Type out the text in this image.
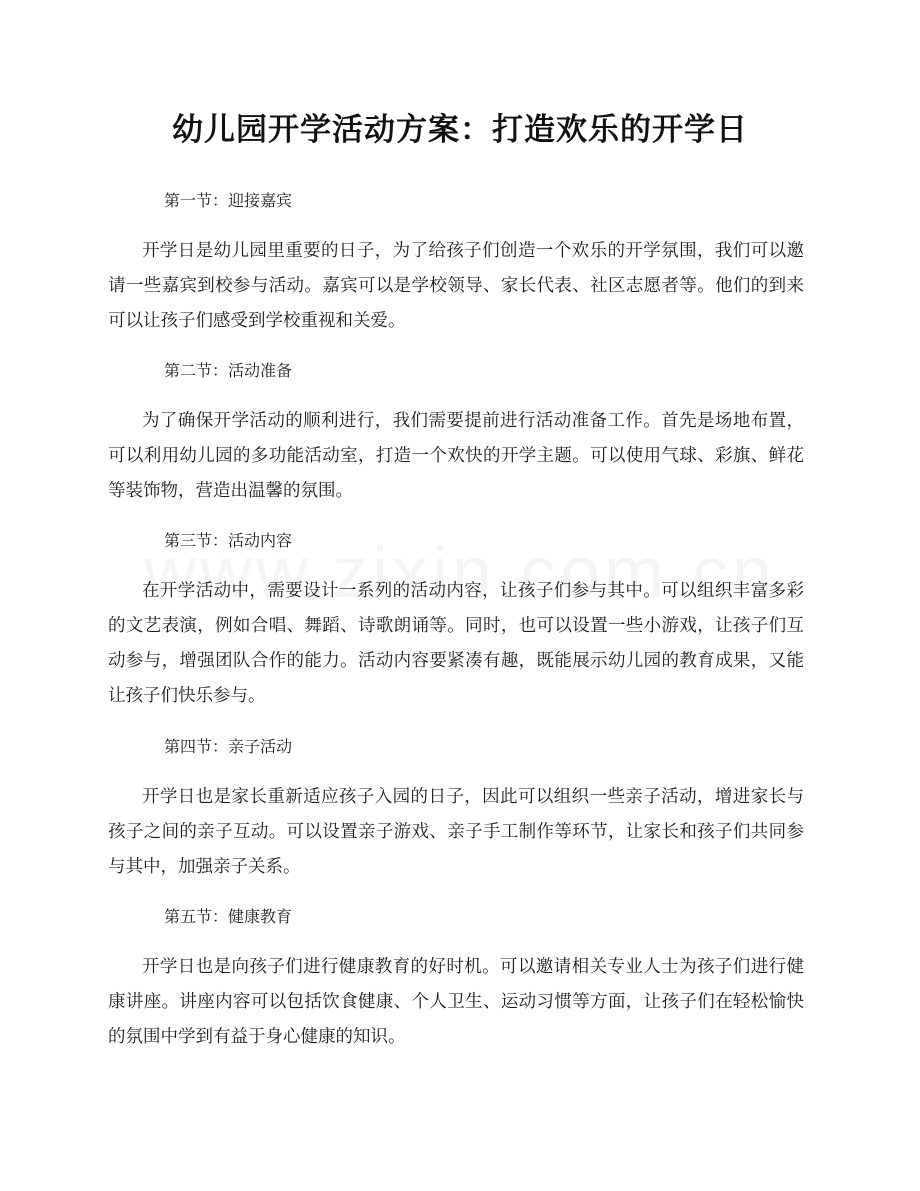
幼儿园开学活动方案：打造欢乐的开学日
第一节：迎接嘉宾
开学日是幼儿园里重要的日子，为了给孩子们创造一个欢乐的开学氛围，我们可以邀请一些嘉宾到校参与活动。嘉宾可以是学校领导、家长代表、社区志愿者等。他们的到来可以让孩子们感受到学校重视和关爱。
第二节：活动准备
为了确保开学活动的顺利进行，我们需要提前进行活动准备工作。首先是场地布置，可以利用幼儿园的多功能活动室，打造一个欢快的开学主题。可以使用气球、彩旗、鲜花等装饰物，营造出温馨的氛围。
第三节：活动内容
在开学活动中，需要设计一系列的活动内容，让孩子们参与其中。可以组织丰富多彩的文艺表演，例如合唱、舞蹈、诗歌朗诵等。同时，也可以设置一些小游戏，让孩子们互动参与，增强团队合作的能力。活动内容要紧凑有趣，既能展示幼儿园的教育成果，又能让孩子们快乐参与。
第四节：亲子活动
开学日也是家长重新适应孩子入园的日子，因此可以组织一些亲子活动，增进家长与孩子之间的亲子互动。可以设置亲子游戏、亲子手工制作等环节，让家长和孩子们共同参与其中，加强亲子关系。
第五节：健康教育
开学日也是向孩子们进行健康教育的好时机。可以邀请相关专业人士为孩子们进行健康讲座。讲座内容可以包括饮食健康、个人卫生、运动习惯等方面，让孩子们在轻松愉快的氛围中学到有益于身心健康的知识。
